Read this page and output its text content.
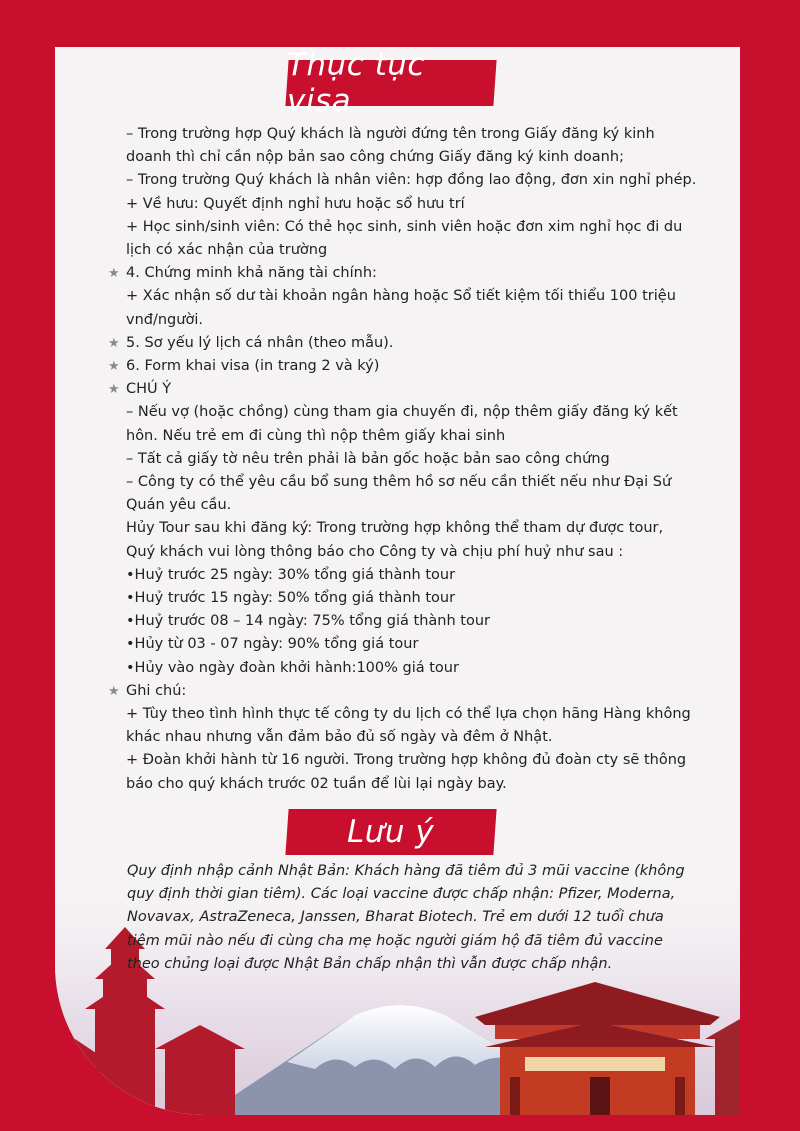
Thục tục visa
– Trong trường hợp Quý khách là người đứng tên trong Giấy đăng ký kinh
doanh thì chỉ cần nộp bản sao công chứng Giấy đăng ký kinh doanh;
– Trong trường Quý khách là nhân viên: hợp đồng lao động, đơn xin nghỉ phép.
+ Về hưu: Quyết định nghỉ hưu hoặc sổ hưu trí
+ Học sinh/sinh viên: Có thẻ học sinh, sinh viên hoặc đơn xim nghỉ học đi du
lịch có xác nhận của trường
★ 4. Chứng minh khả năng tài chính:
+ Xác nhận số dư tài khoản ngân hàng hoặc Sổ tiết kiệm tối thiểu 100 triệu
vnđ/người.
★ 5. Sơ yếu lý lịch cá nhân (theo mẫu).
★ 6. Form khai visa (in trang 2 và ký)
★ CHÚ Ý
– Nếu vợ (hoặc chồng) cùng tham gia chuyến đi, nộp thêm giấy đăng ký kết
hôn. Nếu trẻ em đi cùng thì nộp thêm giấy khai sinh
– Tất cả giấy tờ nêu trên phải là bản gốc hoặc bản sao công chứng
– Công ty có thể yêu cầu bổ sung thêm hồ sơ nếu cần thiết nếu như Đại Sứ
Quán yêu cầu.
Hủy Tour sau khi đăng ký: Trong trường hợp không thể tham dự được tour,
Quý khách vui lòng thông báo cho Công ty và chịu phí huỷ như sau :
•Huỷ trước 25 ngày: 30% tổng giá thành tour
•Huỷ trước 15 ngày: 50% tổng giá thành tour
•Huỷ trước 08 – 14 ngày: 75% tổng giá thành tour
•Hủy từ 03 - 07 ngày: 90% tổng giá tour
•Hủy vào ngày đoàn khởi hành:100% giá tour
★ Ghi chú:
+ Tùy theo tình hình thực tế công ty du lịch có thể lựa chọn hãng Hàng không
khác nhau nhưng vẫn đảm bảo đủ số ngày và đêm ở Nhật.
+ Đoàn khởi hành từ 16 người. Trong trường hợp không đủ đoàn cty sẽ thông
báo cho quý khách trước 02 tuần để lùi lại ngày bay.
Lưu ý
Quy định nhập cảnh Nhật Bản: Khách hàng đã tiêm đủ 3 mũi vaccine (không
quy định thời gian tiêm). Các loại vaccine được chấp nhận: Pfizer, Moderna,
Novavax, AstraZeneca, Janssen, Bharat Biotech. Trẻ em dưới 12 tuổi chưa
tiêm mũi nào nếu đi cùng cha mẹ hoặc người giám hộ đã tiêm đủ vaccine
theo chủng loại được Nhật Bản chấp nhận thì vẫn được chấp nhận.
